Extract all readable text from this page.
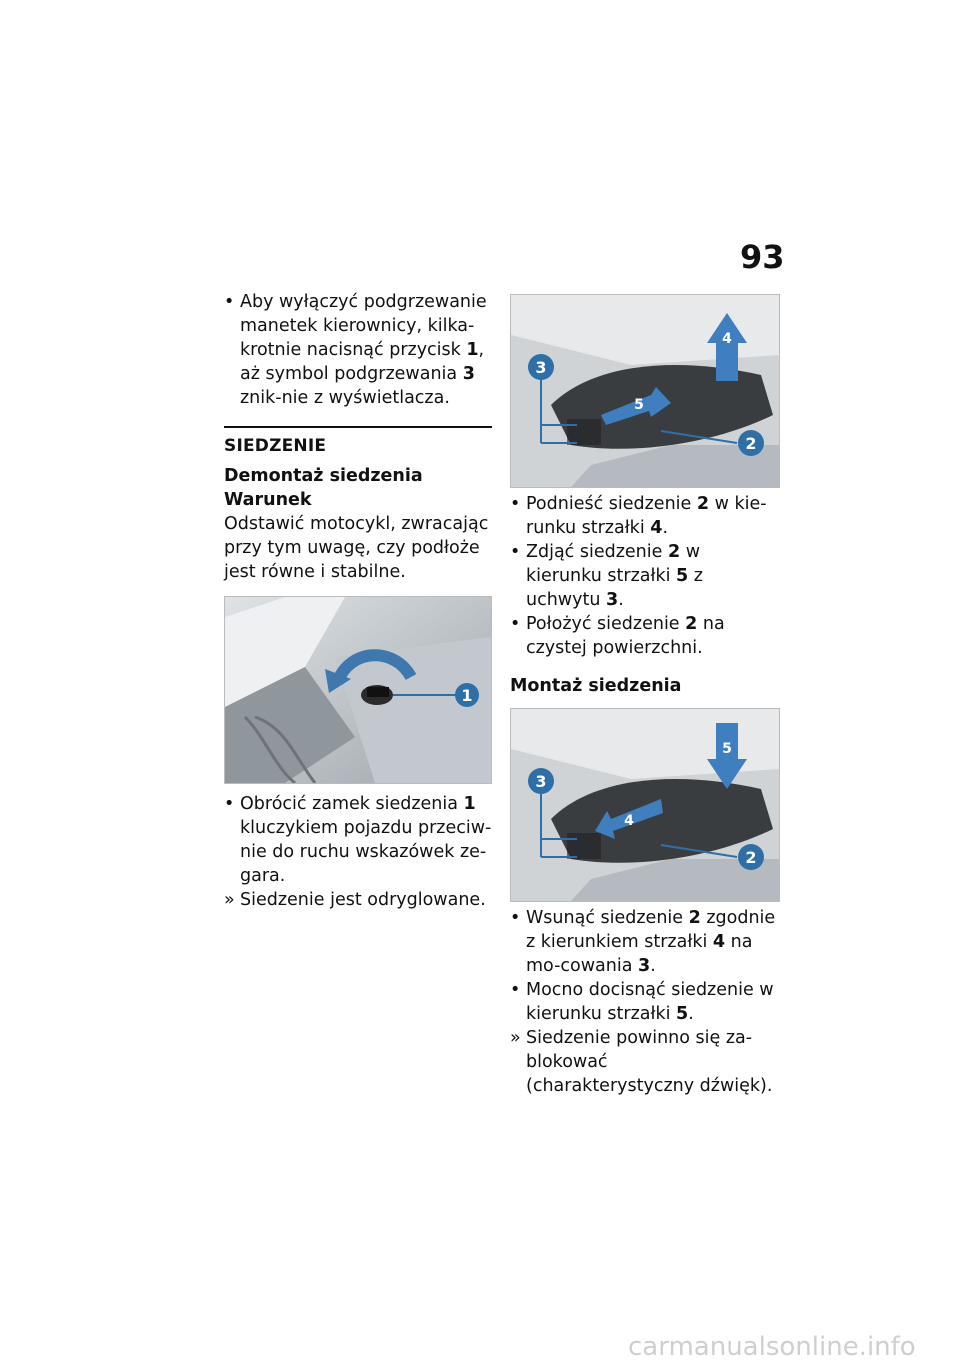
93
• Aby wyłączyć podgrzewanie manetek kierownicy, kilka-krotnie nacisnąć przycisk 1, aż symbol podgrzewania 3 znik-nie z wyświetlacza.
SIEDZENIE
Demontaż siedzenia
Warunek
Odstawić motocykl, zwracając przy tym uwagę, czy podłoże jest równe i stabilne.
1
• Obrócić zamek siedzenia 1 kluczykiem pojazdu przeciw-nie do ruchu wskazówek ze-gara.
» Siedzenie jest odryglowane.
3
4
5
2
• Podnieść siedzenie 2 w kie-runku strzałki 4.
• Zdjąć siedzenie 2 w kierunku strzałki 5 z uchwytu 3.
• Położyć siedzenie 2 na czystej powierzchni.
Montaż siedzenia
3
5
4
2
• Wsunąć siedzenie 2 zgodnie z kierunkiem strzałki 4 na mo-cowania 3.
• Mocno docisnąć siedzenie w kierunku strzałki 5.
» Siedzenie powinno się za-blokować (charakterystyczny dźwięk).
carmanualsonline.info
